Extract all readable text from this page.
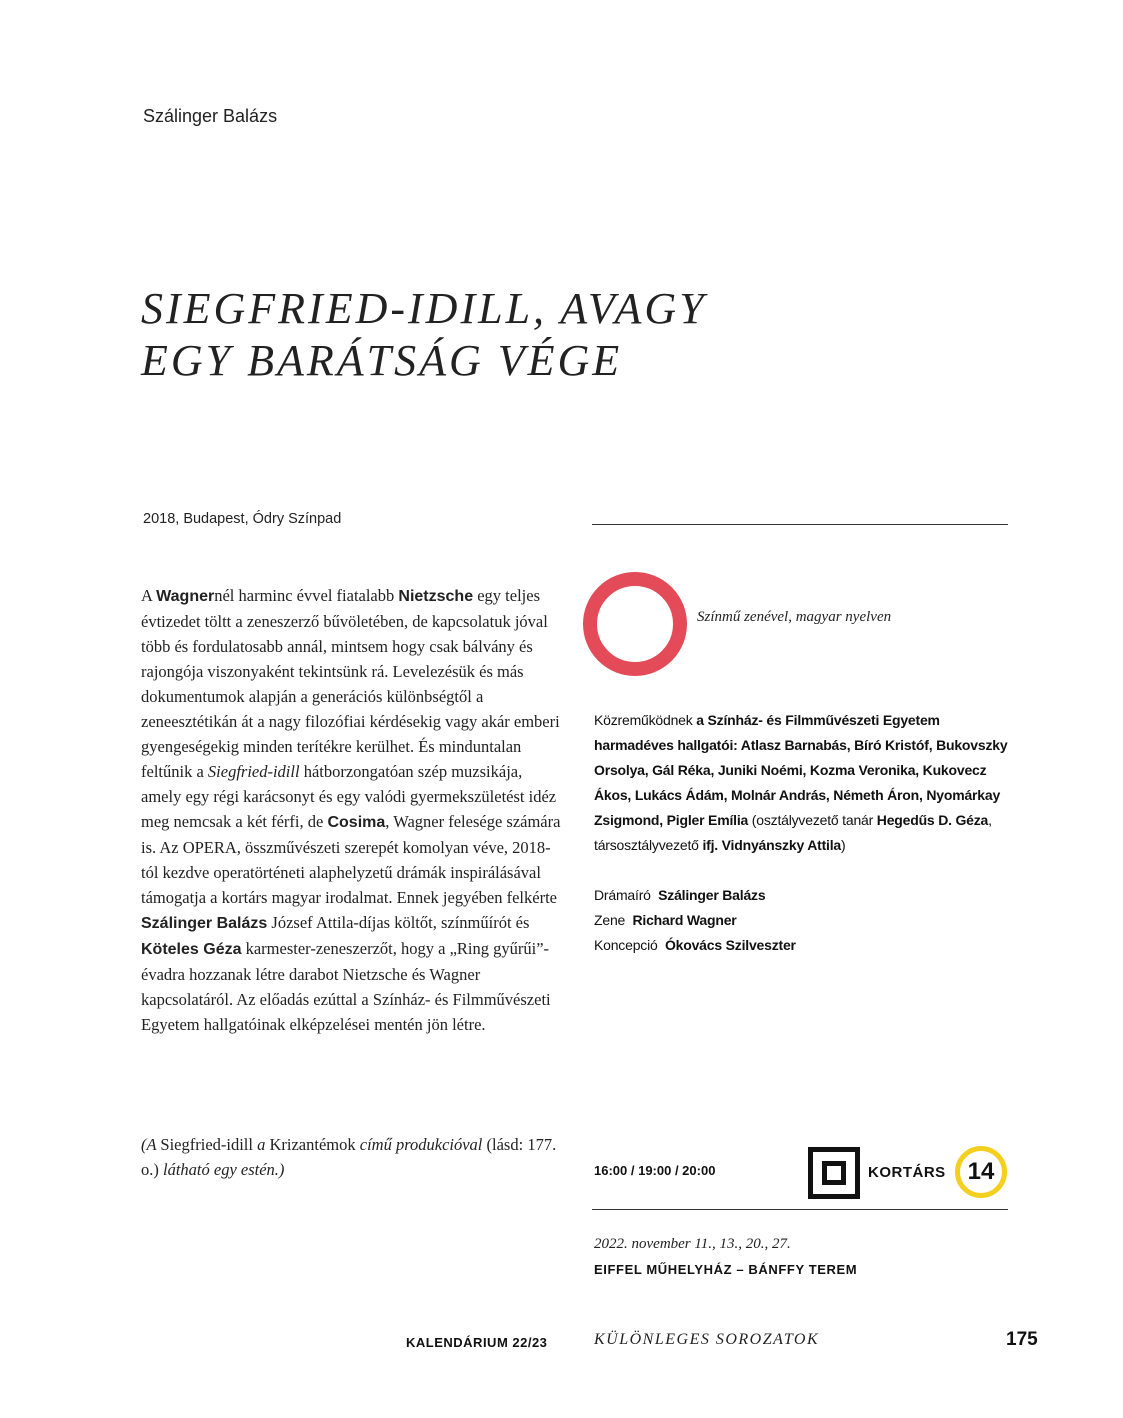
Szálinger Balázs
SIEGFRIED-IDILL, AVAGY
EGY BARÁTSÁG VÉGE
2018, Budapest, Ódry Színpad

A Wagnernél harminc évvel fiatalabb Nietzsche egy teljes évtizedet töltt a zeneszerző bűvöletében, de kapcsolatuk jóval több és fordulatosabb annál, mintsem hogy csak bálvány és rajongója viszonyaként tekintsünk rá. Levelezésük és más dokumentumok alapján a generációs különbségtől a zeneesztétikán át a nagy filozófiai kérdésekig vagy akár emberi gyengeségekig minden terítékre kerülhet. És minduntalan feltűnik a Siegfried-idill hátborzongatóan szép muzsikája, amely egy régi karácsonyt és egy valódi gyermekszületést idéz meg nemcsak a két férfi, de Cosima, Wagner felesége számára is. Az OPERA, összművészeti szerepét komolyan véve, 2018-tól kezdve operatörténeti alaphelyzetű drámák inspirálásával támogatja a kortárs magyar irodalmat. Ennek jegyében felkérte Szálinger Balázs József Attila-díjas költőt, színműírót és Köteles Géza karmester-zeneszerzőt, hogy a „Ring gyűrűi”-évadra hozzanak létre darabot Nietzsche és Wagner kapcsolatáról. Az előadás ezúttal a Színház- és Filmművészeti Egyetem hallgatóinak elképzelései mentén jön létre.

(A Siegfried-idill a Krizantémok című produkcióval (lásd: 177. o.) látható egy estén.)

Színmű zenével, magyar nyelven
Közreműködnek a Színház- és Filmművészeti Egyetem harmadéves hallgatói: Atlasz Barnabás, Bíró Kristóf, Bukovszky Orsolya, Gál Réka, Juniki Noémi, Kozma Veronika, Kukovecz Ákos, Lukács Ádám, Molnár András, Németh Áron, Nyomárkay Zsigmond, Pigler Emília (osztályvezető tanár Hegedűs D. Géza, társosztályvezető ifj. Vidnyánszky Attila)
Drámaíró  Szálinger Balázs
Zene  Richard Wagner
Koncepció  Ókovács Szilveszter
16:00 / 19:00 / 20:00	KORTÁRS 14
2022. november 11., 13., 20., 27.
EIFFEL MŰHELYHÁZ – BÁNFFY TEREM
KALENDÁRIUM 22/23	KÜLÖNLEGES SOROZATOK	175
